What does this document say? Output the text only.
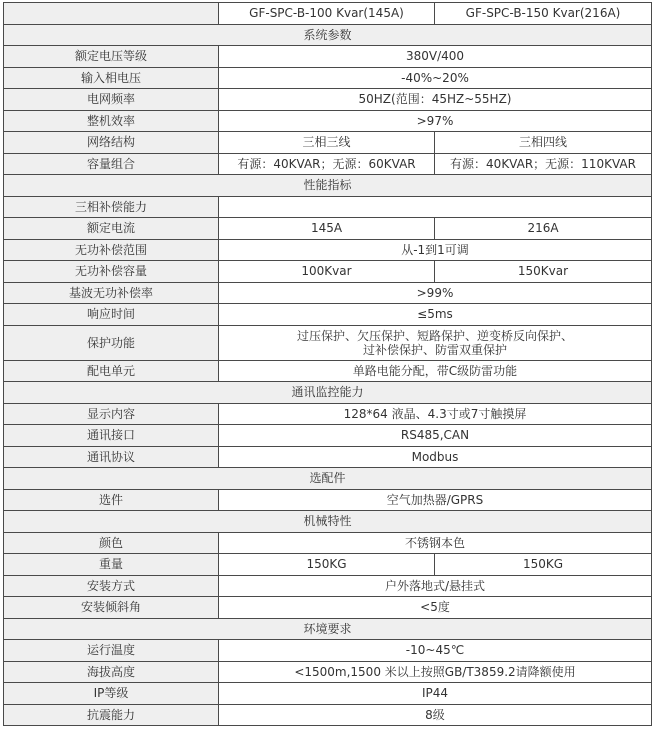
	GF-SPC-B-100 Kvar(145A)	GF-SPC-B-150 Kvar(216A)
系统参数		
额定电压等级	380V/400	
输入相电压	-40%~20%	
电网频率	50HZ(范围：45HZ~55HZ)	
整机效率	>97%	
网络结构	三相三线	三相四线
容量组合	有源：40KVAR；无源：60KVAR	有源：40KVAR；无源：110KVAR
性能指标		
三相补偿能力		
额定电流	145A	216A
无功补偿范围	从-1到1可调	
无功补偿容量	100Kvar	150Kvar
基波无功补偿率	>99%	
响应时间	≤5ms	
保护功能	过压保护、欠压保护、短路保护、逆变桥反向保护、
过补偿保护、防雷双重保护	

配电单元	单路电能分配，带C级防雷功能	
通讯监控能力		
显示内容	128*64 液晶、4.3寸或7寸触摸屏	
通讯接口	RS485,CAN	
通讯协议	Modbus	
选配件		
选件	空气加热器/GPRS	
机械特性		
颜色	不锈钢本色	
重量	150KG	150KG
安装方式	户外落地式/悬挂式	
安装倾斜角	<5度	
环境要求		
运行温度	-10~45℃	
海拔高度	<1500m,1500 米以上按照GB/T3859.2请降额使用	
IP等级	IP44	
抗震能力	8级	
